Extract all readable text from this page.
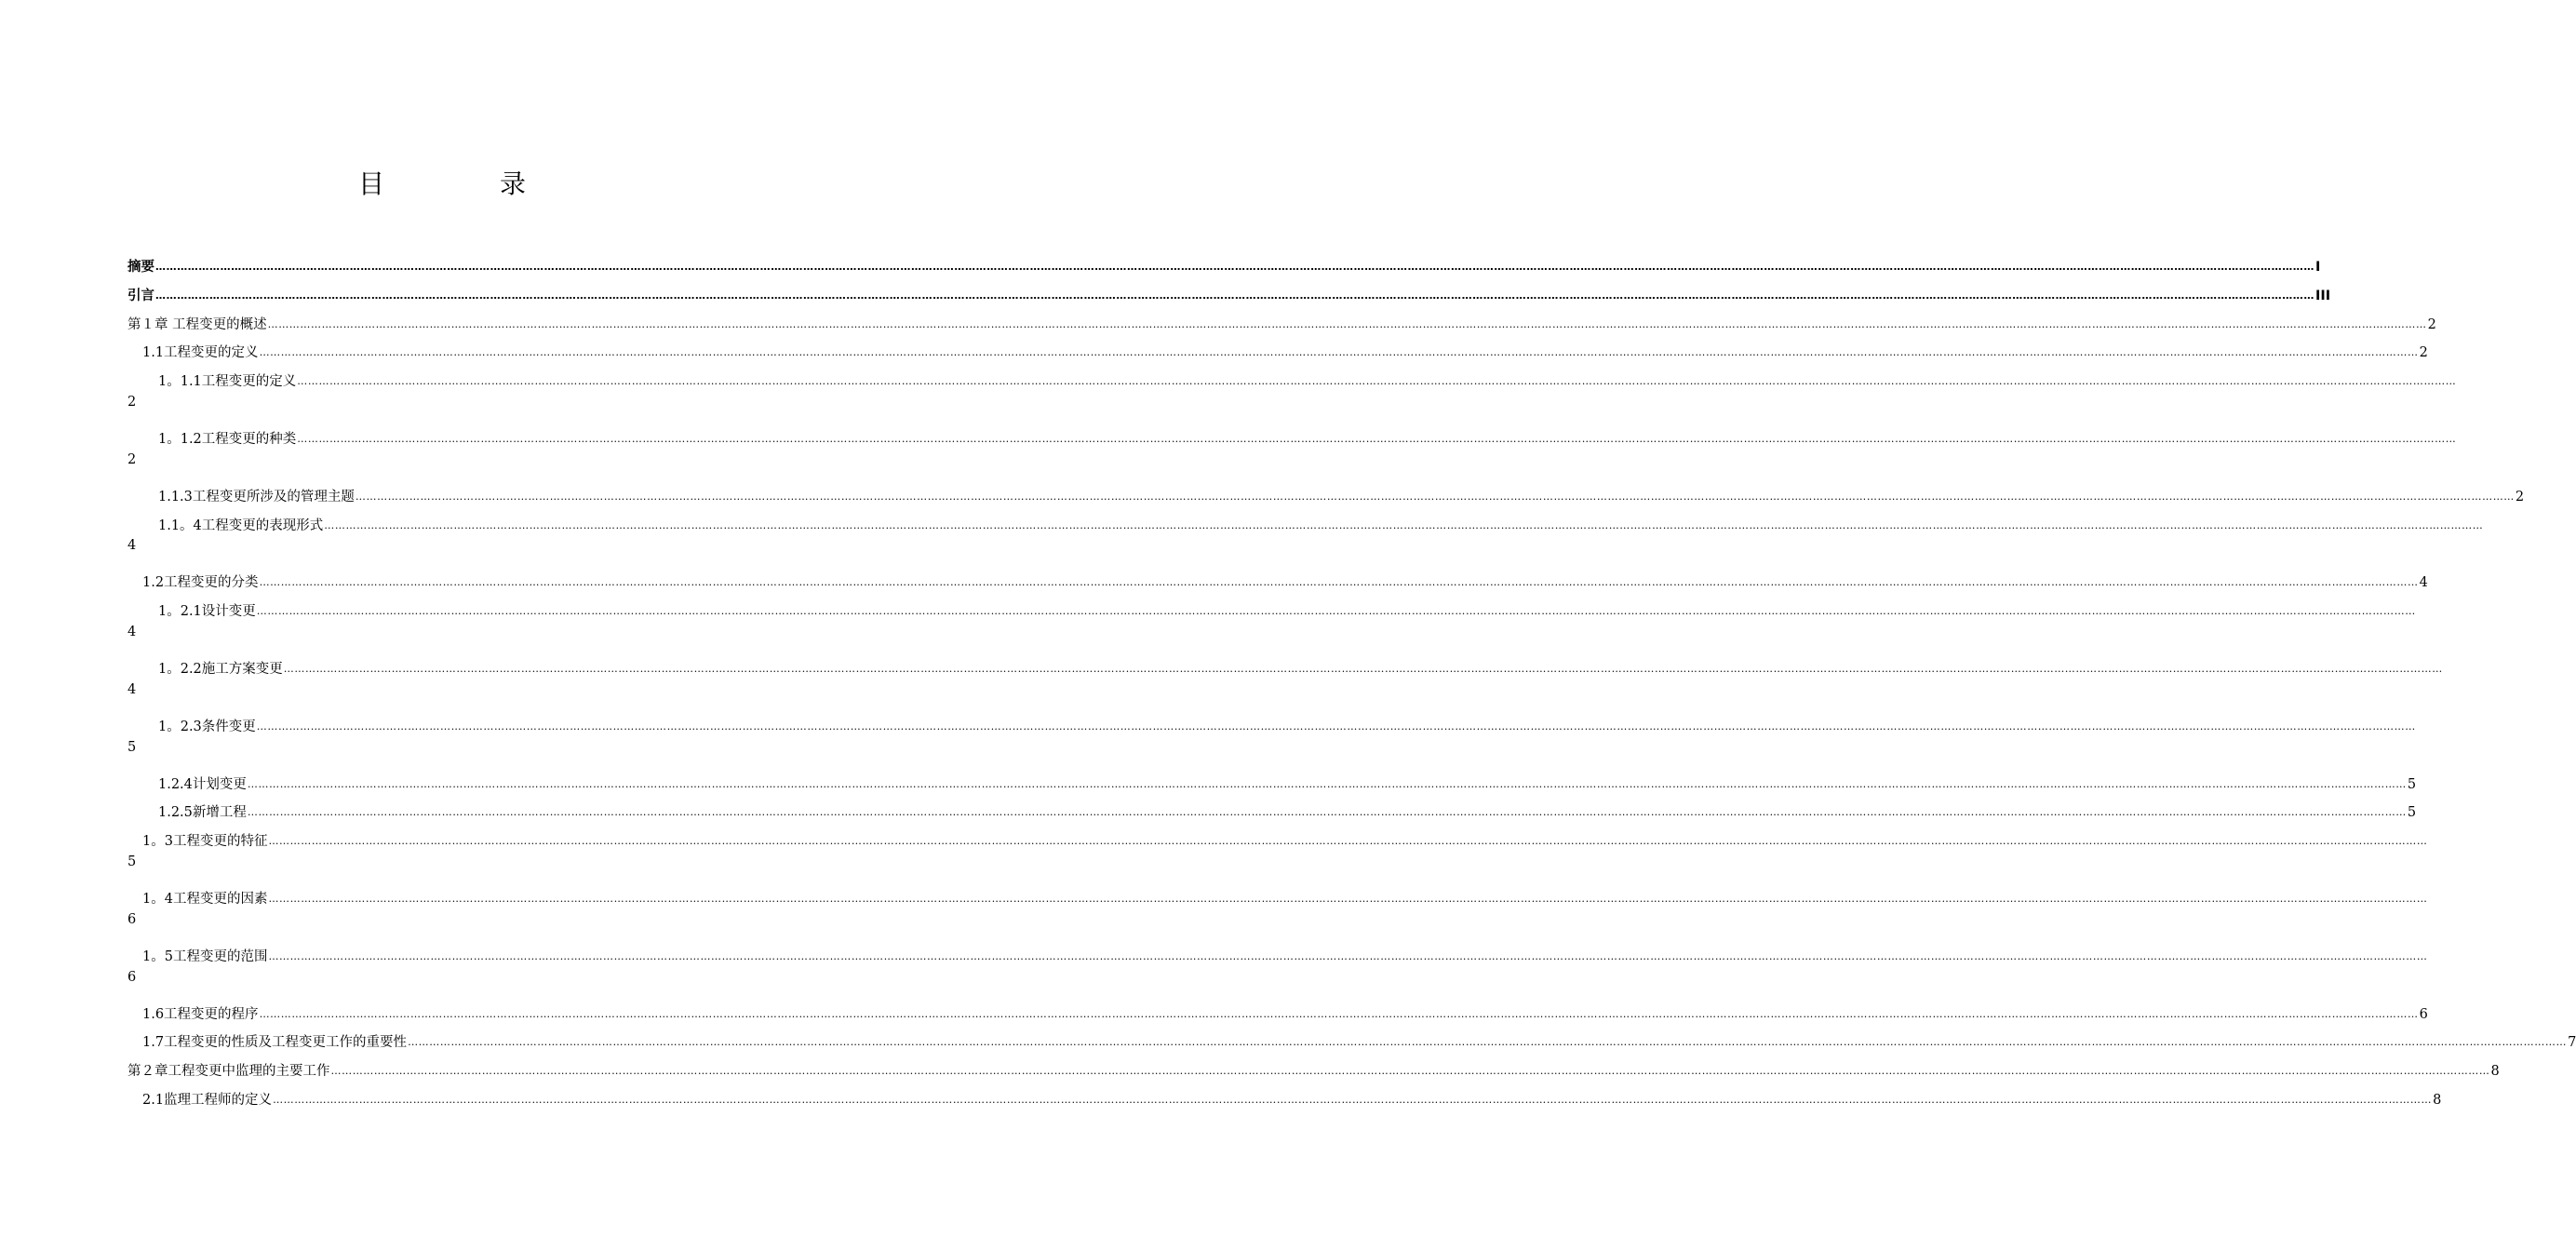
目　录
摘要 …………………………………………………………………………………………………………………………………………………………………………………………………………………………………………………………………………………………………………………………………………………………………………………………………………………………………………………………………………………………………………………………………………………… I
引言 …………………………………………………………………………………………………………………………………………………………………………………………………………………………………………………………………………………………………………………………………………………………………………………………………………………………………………………………………………………………………………………………………………………… III
第１章 工程变更的概述 …………………………………………………………………………………………………………………………………………………………………………………………………………………………………………………………………………………………………………………………………………………………………………………………………………………………………………………………………………………………………………………………………………………… 2
1.1工程变更的定义 …………………………………………………………………………………………………………………………………………………………………………………………………………………………………………………………………………………………………………………………………………………………………………………………………………………………………………………………………………………………………………………………………………………… 2
1。1.1工程变更的定义 ……………………………………………………………………………………………………………………………………………………………………………………………………………………………………………………………………………………………………………………………………………………………………………………………………………………………………………………………………………………………………………………………………………………
2
1。1.2工程变更的种类 ……………………………………………………………………………………………………………………………………………………………………………………………………………………………………………………………………………………………………………………………………………………………………………………………………………………………………………………………………………………………………………………………………………………
2
1.1.3工程变更所涉及的管理主题 …………………………………………………………………………………………………………………………………………………………………………………………………………………………………………………………………………………………………………………………………………………………………………………………………………………………………………………………………………………………………………………………………………………… 2
1.1。4工程变更的表现形式 ……………………………………………………………………………………………………………………………………………………………………………………………………………………………………………………………………………………………………………………………………………………………………………………………………………………………………………………………………………………………………………………………………………………
4
1.2工程变更的分类 …………………………………………………………………………………………………………………………………………………………………………………………………………………………………………………………………………………………………………………………………………………………………………………………………………………………………………………………………………………………………………………………………………………… 4
1。2.1设计变更 ……………………………………………………………………………………………………………………………………………………………………………………………………………………………………………………………………………………………………………………………………………………………………………………………………………………………………………………………………………………………………………………………………………………
4
1。2.2施工方案变更 ……………………………………………………………………………………………………………………………………………………………………………………………………………………………………………………………………………………………………………………………………………………………………………………………………………………………………………………………………………………………………………………………………………………
4
1。2.3条件变更 ……………………………………………………………………………………………………………………………………………………………………………………………………………………………………………………………………………………………………………………………………………………………………………………………………………………………………………………………………………………………………………………………………………………
5
1.2.4计划变更 …………………………………………………………………………………………………………………………………………………………………………………………………………………………………………………………………………………………………………………………………………………………………………………………………………………………………………………………………………………………………………………………………………………… 5
1.2.5新增工程 …………………………………………………………………………………………………………………………………………………………………………………………………………………………………………………………………………………………………………………………………………………………………………………………………………………………………………………………………………………………………………………………………………………… 5
1。3工程变更的特征 ……………………………………………………………………………………………………………………………………………………………………………………………………………………………………………………………………………………………………………………………………………………………………………………………………………………………………………………………………………………………………………………………………………………
5
1。4工程变更的因素 ……………………………………………………………………………………………………………………………………………………………………………………………………………………………………………………………………………………………………………………………………………………………………………………………………………………………………………………………………………………………………………………………………………………
6
1。5工程变更的范围 ……………………………………………………………………………………………………………………………………………………………………………………………………………………………………………………………………………………………………………………………………………………………………………………………………………………………………………………………………………………………………………………………………………………
6
1.6工程变更的程序 …………………………………………………………………………………………………………………………………………………………………………………………………………………………………………………………………………………………………………………………………………………………………………………………………………………………………………………………………………………………………………………………………………………… 6
1.7工程变更的性质及工程变更工作的重要性 …………………………………………………………………………………………………………………………………………………………………………………………………………………………………………………………………………………………………………………………………………………………………………………………………………………………………………………………………………………………………………………………………………………… 7
第２章工程变更中监理的主要工作 …………………………………………………………………………………………………………………………………………………………………………………………………………………………………………………………………………………………………………………………………………………………………………………………………………………………………………………………………………………………………………………………………………………… 8
2.1监理工程师的定义 …………………………………………………………………………………………………………………………………………………………………………………………………………………………………………………………………………………………………………………………………………………………………………………………………………………………………………………………………………………………………………………………………………………… 8
